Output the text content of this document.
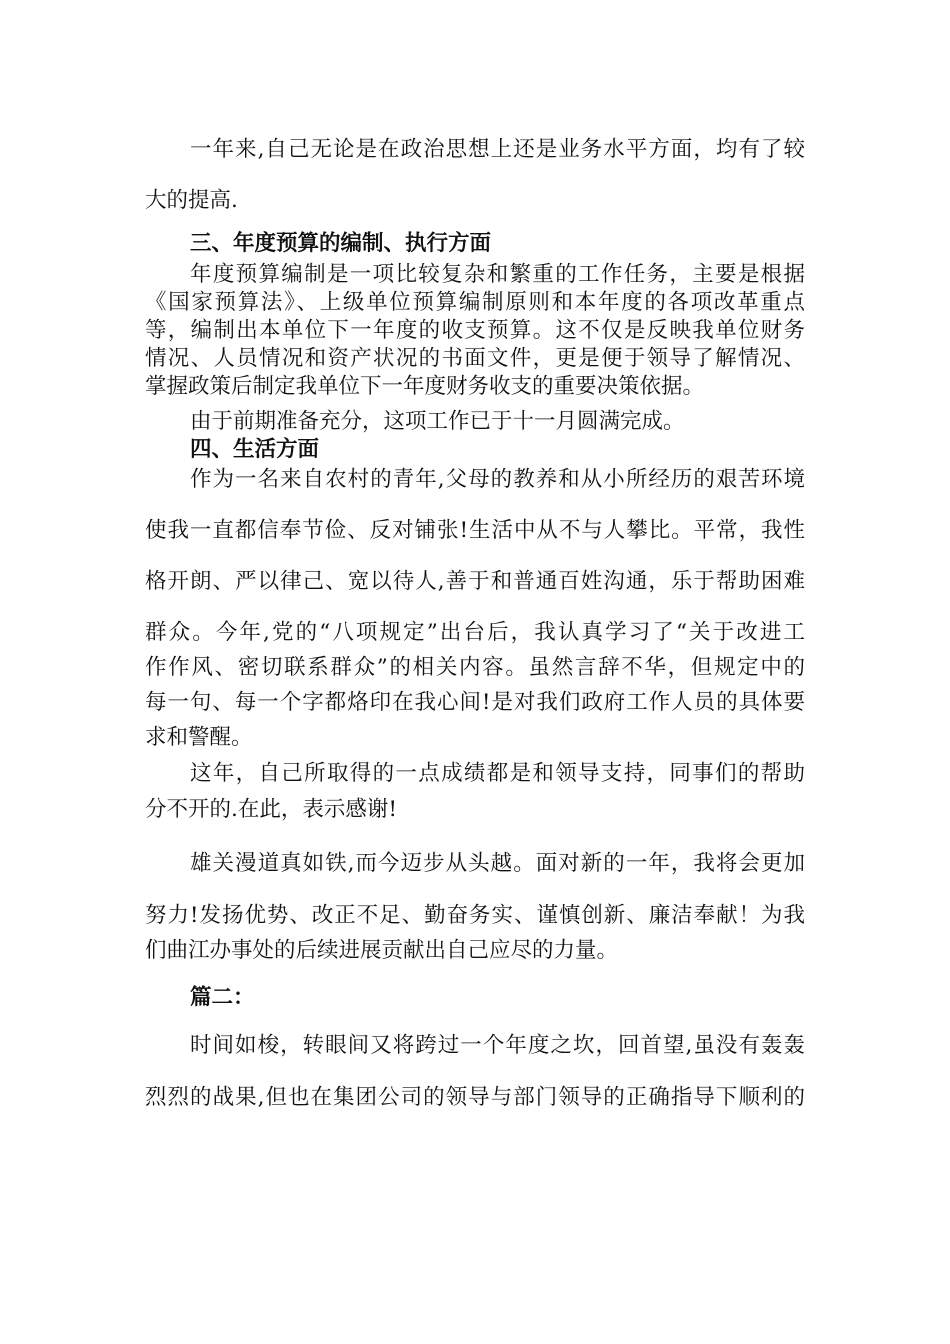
一年来,自己无论是在政治思想上还是业务水平方面，均有了较
大的提高.
三、年度预算的编制、执行方面
年度预算编制是一项比较复杂和繁重的工作任务，主要是根据
《国家预算法》、上级单位预算编制原则和本年度的各项改革重点
等，编制出本单位下一年度的收支预算。这不仅是反映我单位财务
情况、人员情况和资产状况的书面文件，更是便于领导了解情况、
掌握政策后制定我单位下一年度财务收支的重要决策依据。
由于前期准备充分，这项工作已于十一月圆满完成。
四、生活方面
作为一名来自农村的青年,父母的教养和从小所经历的艰苦环境
使我一直都信奉节俭、反对铺张!生活中从不与人攀比。平常，我性
格开朗、严以律己、宽以待人,善于和普通百姓沟通，乐于帮助困难
群众。今年,党的“八项规定”出台后，我认真学习了“关于改进工
作作风、密切联系群众”的相关内容。虽然言辞不华，但规定中的
每一句、每一个字都烙印在我心间!是对我们政府工作人员的具体要
求和警醒。
这年，自己所取得的一点成绩都是和领导支持，同事们的帮助
分不开的.在此，表示感谢!
雄关漫道真如铁,而今迈步从头越。面对新的一年，我将会更加
努力!发扬优势、改正不足、勤奋务实、谨慎创新、廉洁奉献！为我
们曲江办事处的后续进展贡献出自己应尽的力量。
篇二：
时间如梭，转眼间又将跨过一个年度之坎，回首望,虽没有轰轰
烈烈的战果,但也在集团公司的领导与部门领导的正确指导下顺利的
